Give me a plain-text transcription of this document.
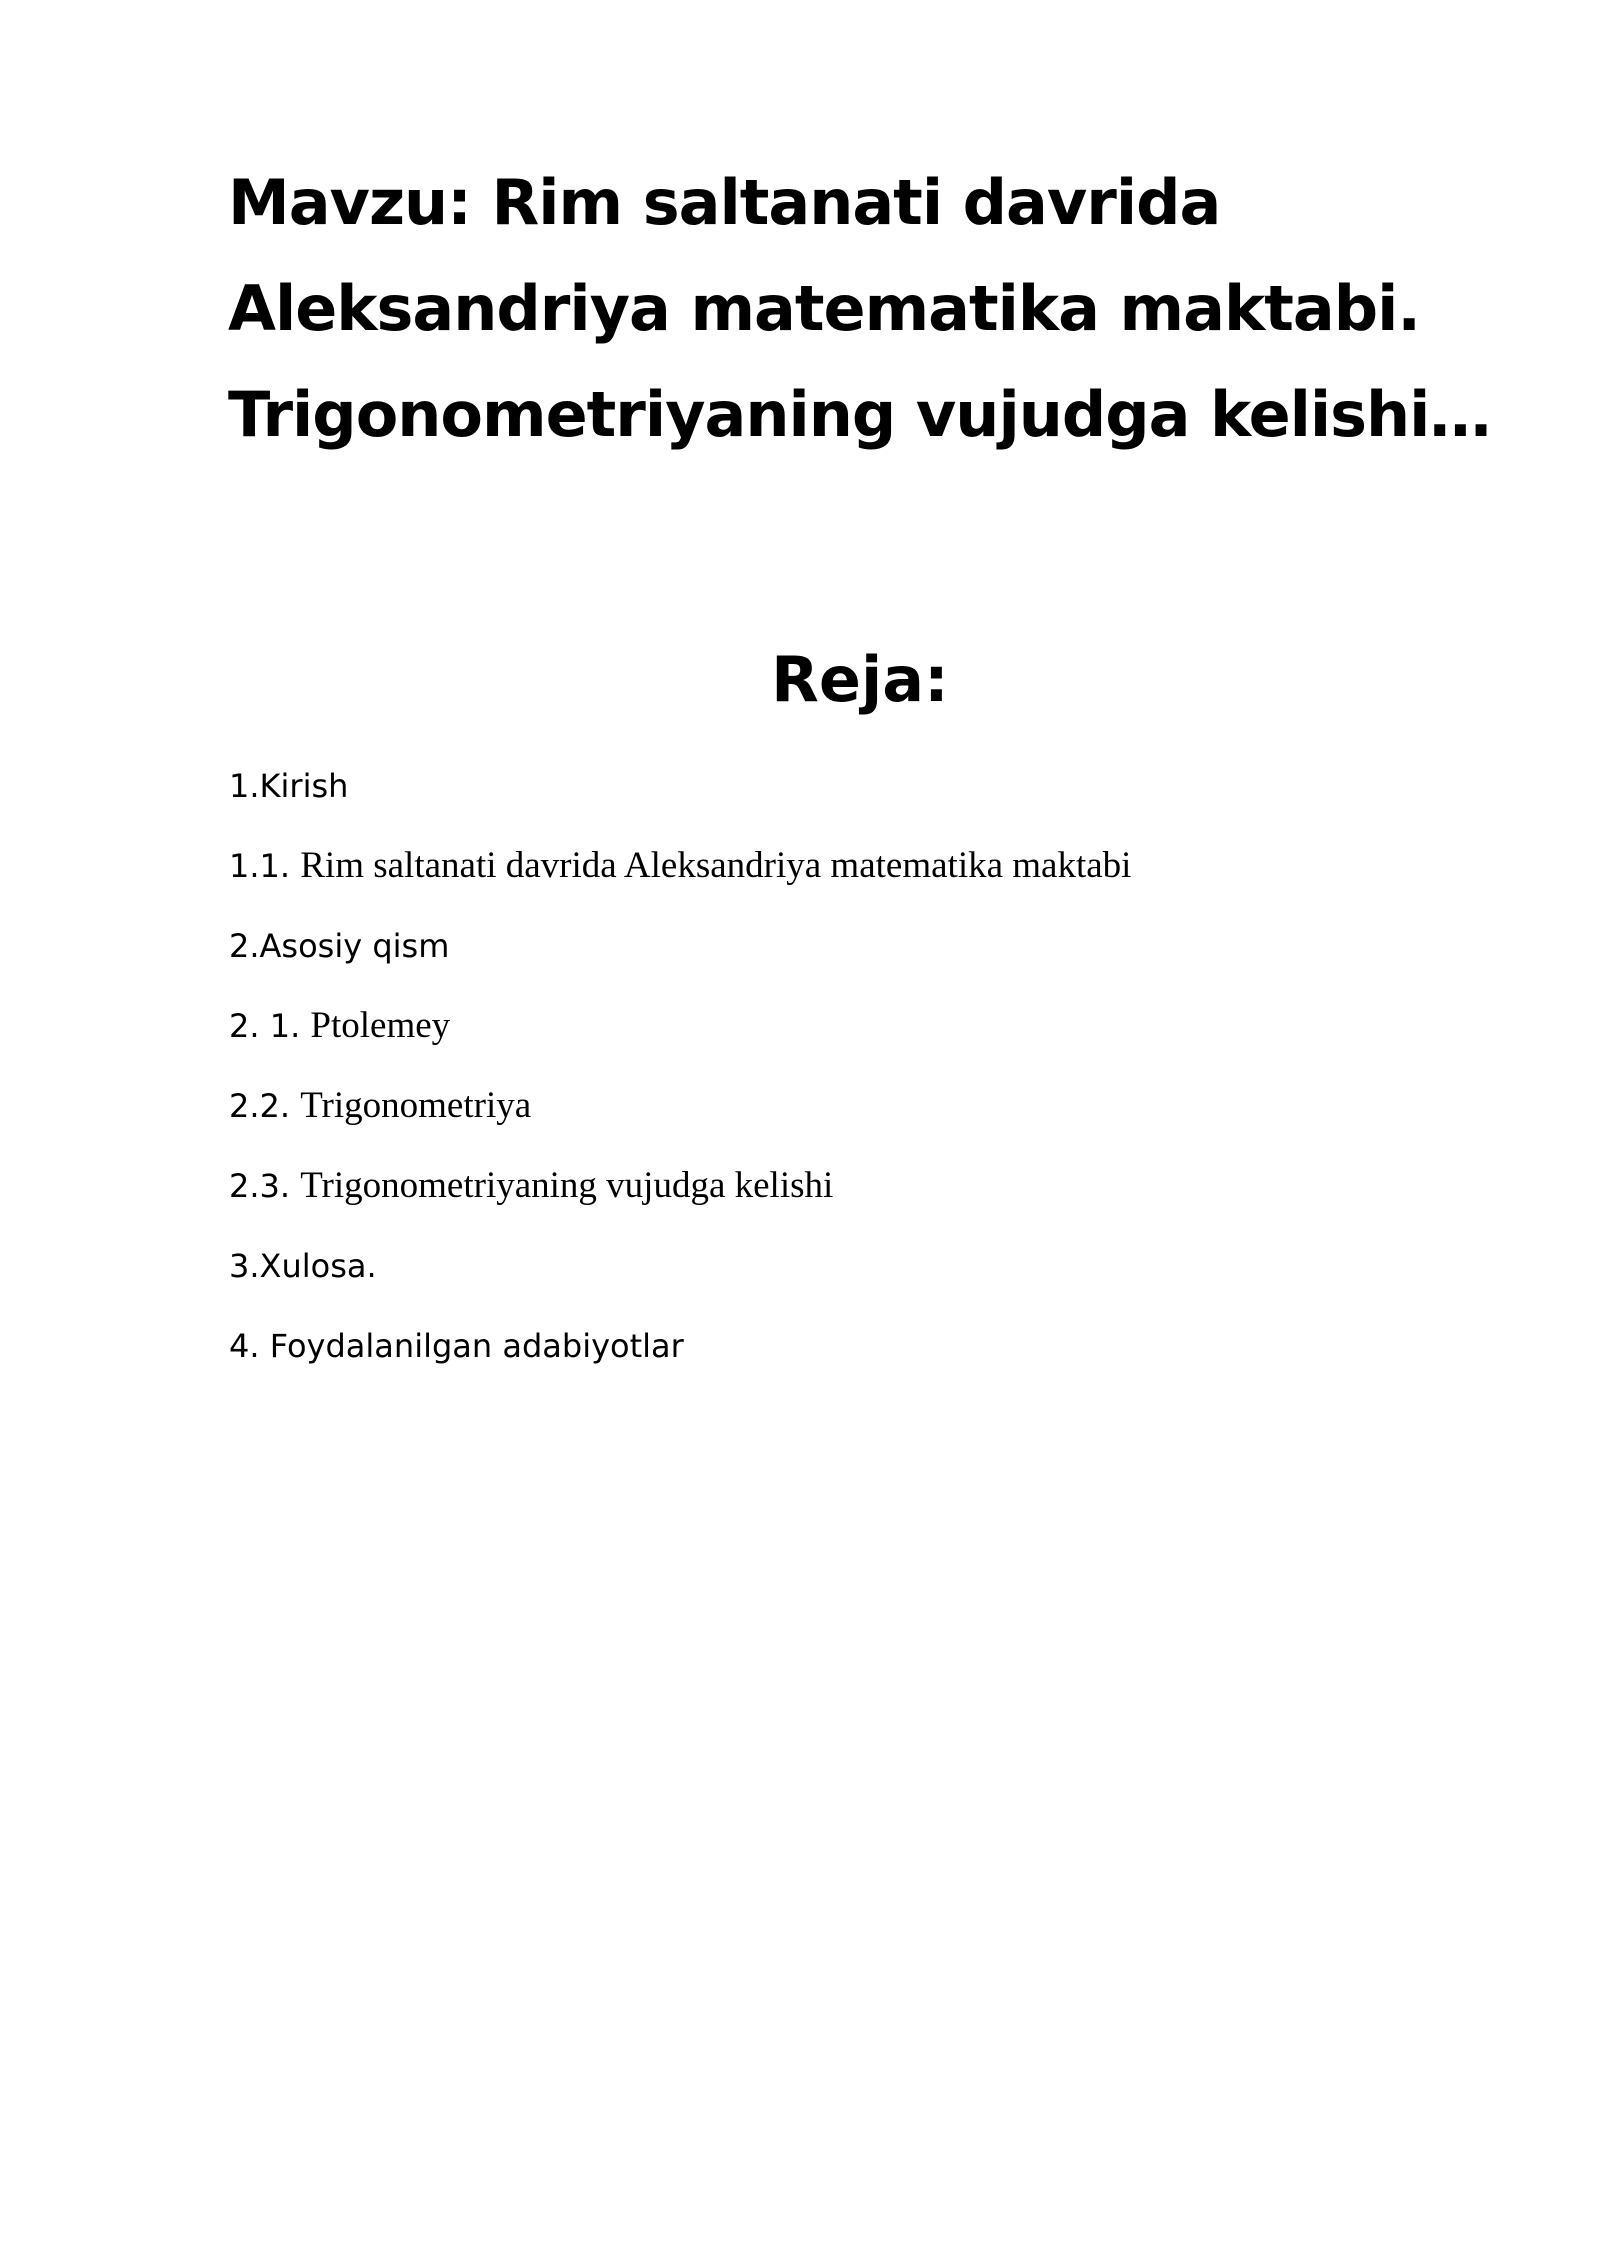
Mavzu: Rim saltanati davrida
Aleksandriya matematika maktabi.
Trigonometriyaning vujudga kelishi…
Reja:
1.Kirish
1.1. Rim saltanati davrida Aleksandriya matematika maktabi
2.Asosiy qism
2. 1. Ptolemey
2.2. Trigonometriya
2.3. Trigonometriyaning vujudga kelishi
3.Xulosa.
4. Foydalanilgan adabiyotlar
